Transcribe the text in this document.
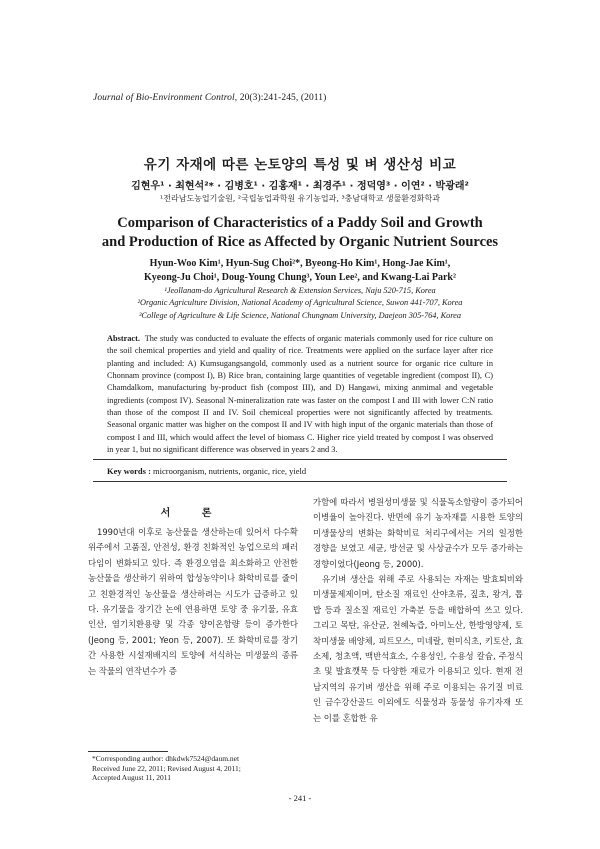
Journal of Bio-Environment Control, 20(3):241-245, (2011)
유기 자재에 따른 논토양의 특성 및 벼 생산성 비교
김현우¹ · 최현석²* · 김병호¹ · 김홍재¹ · 최경주¹ · 정덕영³ · 이연² · 박광래²
¹전라남도농업기술원, ²국립농업과학원 유기농업과, ³충남대학교 생물환경화학과
Comparison of Characteristics of a Paddy Soil and Growth
and Production of Rice as Affected by Organic Nutrient Sources
Hyun-Woo Kim¹, Hyun-Sug Choi²*, Byeong-Ho Kim¹, Hong-Jae Kim¹,
Kyeong-Ju Choi¹, Doug-Young Chung³, Youn Lee², and Kwang-Lai Park²
¹Jeollanam-do Agricultural Research & Extension Services, Naju 520-715, Korea
²Organic Agriculture Division, National Academy of Agricultural Science, Suwon 441-707, Korea
³College of Agriculture & Life Science, National Chungnam University, Daejeon 305-764, Korea
Abstract. The study was conducted to evaluate the effects of organic materials commonly used for rice culture on the soil chemical properties and yield and quality of rice. Treatments were applied on the surface layer after rice planting and included: A) Kumsugangsangold, commonly used as a nutrient source for organic rice culture in Chonnam province (compost I), B) Rice bran, containing large quantities of vegetable ingredient (compost II), C) Chamdalkom, manufacturing by-product fish (compost III), and D) Hangawi, mixing anmimal and vegetable ingredients (compost IV). Seasonal N-mineralization rate was faster on the compost I and III with lower C:N ratio than those of the compost II and IV. Soil chemiceal properties were not significantly affected by treatments. Seasonal organic matter was higher on the compost II and IV with high input of the organic materials than those of compost I and III, which would affect the level of biomass C. Higher rice yield treated by compost I was observed in year 1, but no significant difference was observed in years 2 and 3.
Key words : microorganism, nutrients, organic, rice, yield
서 론

1990년대 이후로 농산물을 생산하는데 있어서 다수확 위주에서 고품질, 안전성, 환경 친화적인 농업으로의 패러다임이 변화되고 있다. 즉 환경오염을 최소화하고 안전한 농산물을 생산하기 위하여 합성농약이나 화학비료를 줄이고 친환경적인 농산물을 생산하려는 시도가 급증하고 있다. 유기물을 장기간 논에 연용하면 토양 중 유기물, 유효인산, 염기치환용량 및 각종 양이온함량 등이 증가한다(Jeong 등, 2001; Yeon 등, 2007). 또 화학비료를 장기간 사용한 시설재배지의 토양에 서식하는 미생물의 종류는 작물의 연작년수가 증

가함에 따라서 병원성미생물 및 식물독소함량이 증가되어 이병율이 높아진다. 반면에 유기 농자재를 시용한 토양의 미생물상의 변화는 화학비료 처리구에서는 거의 일정한 경향을 보였고 세균, 방선균 및 사상균수가 모두 증가하는 경향이었다(Jeong 등, 2000).

유기벼 생산을 위해 주로 사용되는 자재는 발효퇴비와 미생물제제이며, 탄소질 재료인 산야초류, 짚초, 왕겨, 톱밥 등과 질소질 재료인 가축분 등을 배합하여 쓰고 있다. 그리고 목탄, 유산균, 천혜녹즙, 아미노산, 한방영양제, 토착미생물 배양체, 피트모스, 미네랄, 현미식초, 키토산, 효소제, 청초액, 맥반석효소, 수용성인, 수용성 칼슘, 주정식초 및 발효깻묵 등 다양한 재료가 이용되고 있다. 현재 전남지역의 유기벼 생산을 위해 주로 이용되는 유기질 비료인 금수강산골드 이외에도 식물성과 동물성 유기자재 또는 이를 혼합한 유

*Corresponding author: dhkdwk7524@daum.net
Received June 22, 2011; Revised August 4, 2011;
Accepted August 11, 2011
- 241 -
